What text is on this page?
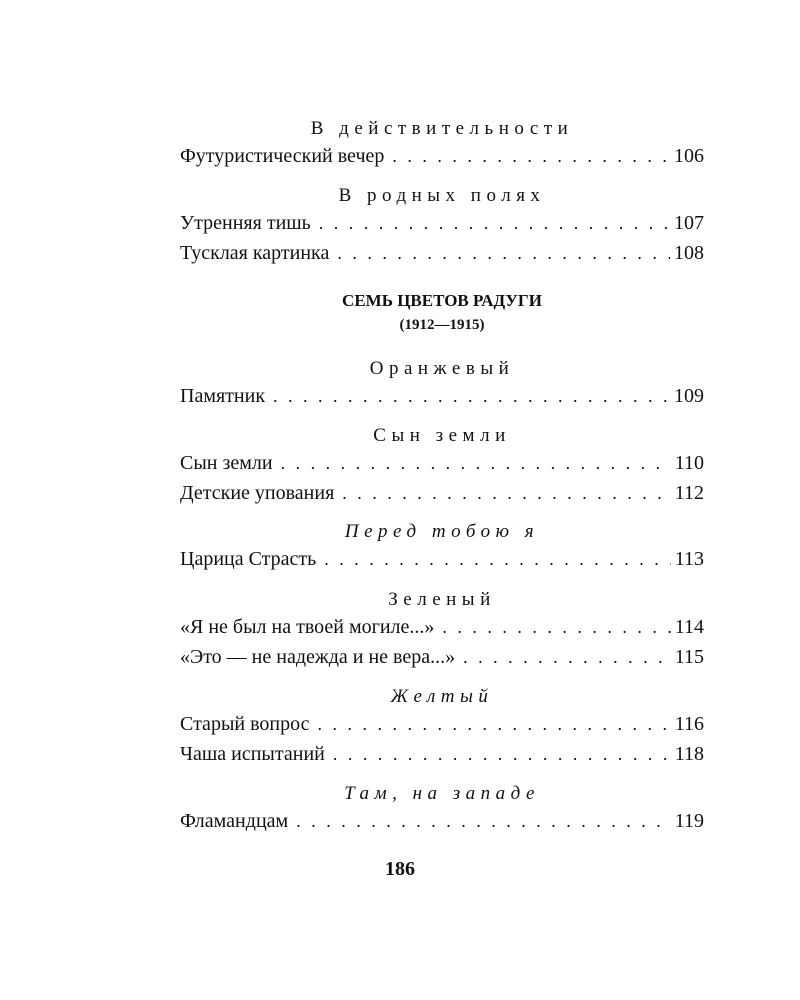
В действительности
Футуристический вечер . . .	106
В родных полях
Утренняя тишь . . .	107
Тусклая картинка . . .	108
СЕМЬ ЦВЕТОВ РАДУГИ
(1912—1915)
Оранжевый
Памятник . . .	109
Сын земли
Сын земли . . .	110
Детские упования . . .	112
Перед тобою я
Царица Страсть . . .	113
Зеленый
«Я не был на твоей могиле...» . . .	114
«Это — не надежда и не вера...» . . .	115
Желтый
Старый вопрос . . .	116
Чаша испытаний . . .	118
Там, на западе
Фламандцам . . .	119
186
